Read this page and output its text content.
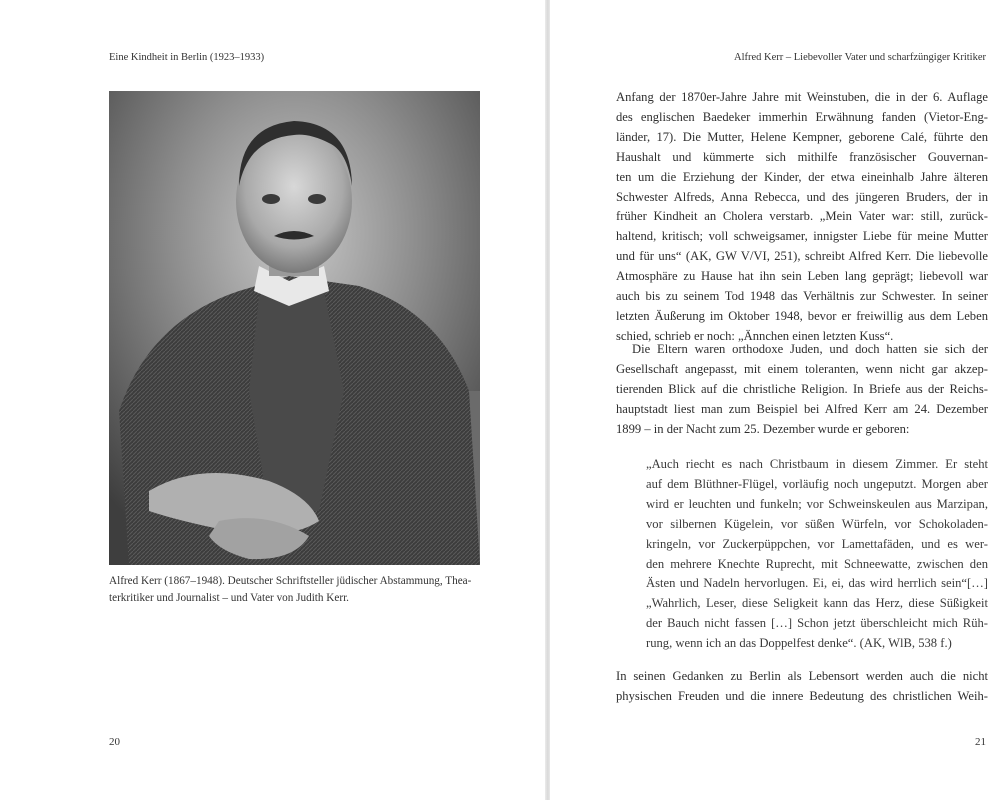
Eine Kindheit in Berlin (1923–1933)
Alfred Kerr (1867–1948). Deutscher Schriftsteller jüdischer Abstammung, Thea-
terkritiker und Journalist – und Vater von Judith Kerr.
20
Alfred Kerr – Liebevoller Vater und scharfzüngiger Kritiker

Anfang der 1870er-Jahre Jahre mit Weinstuben, die in der 6. Auflage
des englischen Baedeker immerhin Erwähnung fanden (Vietor-Eng-
länder, 17). Die Mutter, Helene Kempner, geborene Calé, führte den
Haushalt und kümmerte sich mithilfe französischer Gouvernan-
ten um die Erziehung der Kinder, der etwa eineinhalb Jahre älteren
Schwester Alfreds, Anna Rebecca, und des jüngeren Bruders, der in
früher Kindheit an Cholera verstarb. „Mein Vater war: still, zurück-
haltend, kritisch; voll schweigsamer, innigster Liebe für meine Mutter
und für uns“ (AK, GW V/VI, 251), schreibt Alfred Kerr. Die liebevolle
Atmosphäre zu Hause hat ihn sein Leben lang geprägt; liebevoll war
auch bis zu seinem Tod 1948 das Verhältnis zur Schwester. In seiner
letzten Äußerung im Oktober 1948, bevor er freiwillig aus dem Leben
schied, schrieb er noch: „Ännchen einen letzten Kuss“.

Die Eltern waren orthodoxe Juden, und doch hatten sie sich der
Gesellschaft angepasst, mit einem toleranten, wenn nicht gar akzep-
tierenden Blick auf die christliche Religion. In Briefe aus der Reichs-
hauptstadt liest man zum Beispiel bei Alfred Kerr am 24. Dezember
1899 – in der Nacht zum 25. Dezember wurde er geboren:

„Auch riecht es nach Christbaum in diesem Zimmer. Er steht
auf dem Blüthner-Flügel, vorläufig noch ungeputzt. Morgen aber
wird er leuchten und funkeln; vor Schweinskeulen aus Marzipan,
vor silbernen Kügelein, vor süßen Würfeln, vor Schokoladen-
kringeln, vor Zuckerpüppchen, vor Lamettafäden, und es wer-
den mehrere Knechte Ruprecht, mit Schneewatte, zwischen den
Ästen und Nadeln hervorlugen. Ei, ei, das wird herrlich sein“[…]
„Wahrlich, Leser, diese Seligkeit kann das Herz, diese Süßigkeit
der Bauch nicht fassen […] Schon jetzt überschleicht mich Rüh-
rung, wenn ich an das Doppelfest denke“. (AK, WlB, 538 f.)

In seinen Gedanken zu Berlin als Lebensort werden auch die nicht
physischen Freuden und die innere Bedeutung des christlichen Weih-

21
